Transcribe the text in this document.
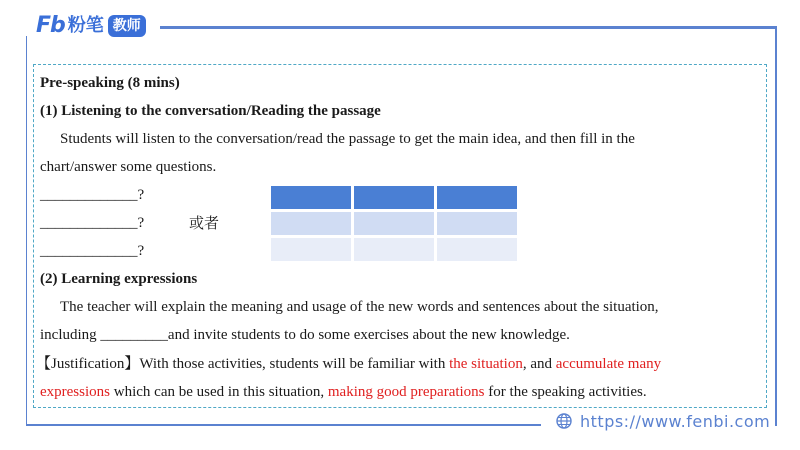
Fb 粉笔 教师
Pre-speaking (8 mins)
(1) Listening to the conversation/Reading the passage
Students will listen to the conversation/read the passage to get the main idea, and then fill in the
chart/answer some questions.
_____________?
_____________?
_____________?
或者
(2) Learning expressions
The teacher will explain the meaning and usage of the new words and sentences about the situation,
including _________and invite students to do some exercises about the new knowledge.
【Justification】With those activities, students will be familiar with the situation, and accumulate many
expressions which can be used in this situation, making good preparations for the speaking activities.
https://www.fenbi.com
